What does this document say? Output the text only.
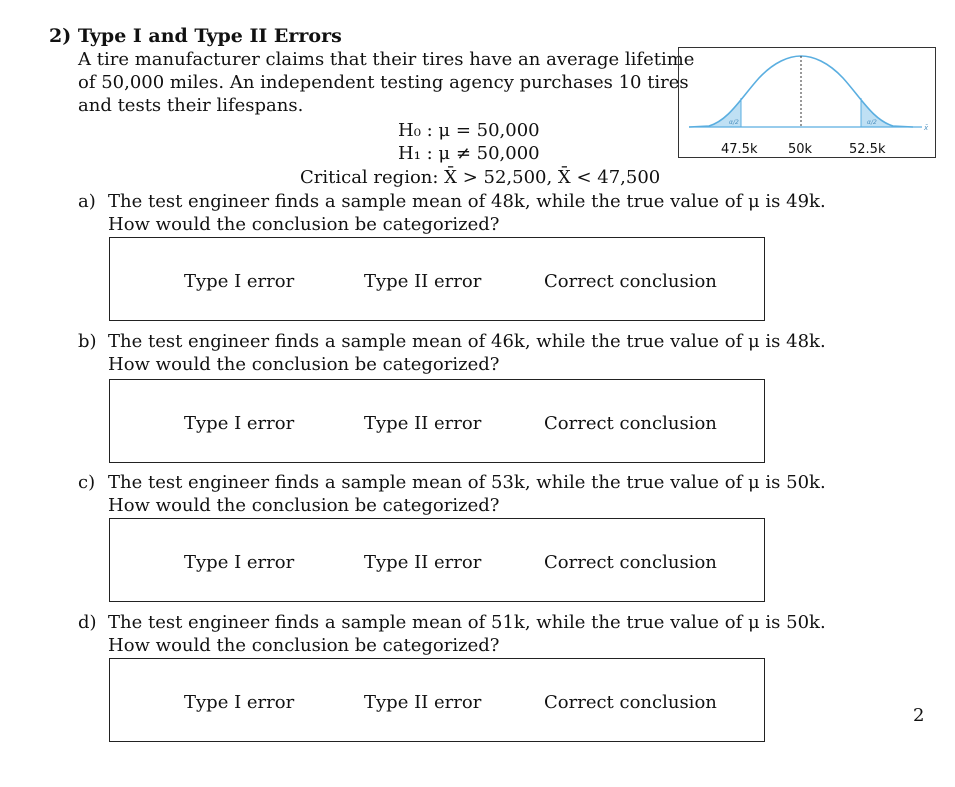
2) Type I and Type II Errors
A tire manufacturer claims that their tires have an average lifetime
of 50,000 miles. An independent testing agency purchases 10 tires
and tests their lifespans.
H₀ : μ = 50,000
H₁ : μ ≠ 50,000
Critical region: X̄ > 52,500, X̄ < 47,500
α/2	α/2
x̄
47.5k 50k	52.5k
a) The test engineer finds a sample mean of 48k, while the true value of μ is 49k.
How would the conclusion be categorized?
Type I error	Type II error	Correct conclusion
b) The test engineer finds a sample mean of 46k, while the true value of μ is 48k.
How would the conclusion be categorized?
Type I error	Type II error	Correct conclusion
c) The test engineer finds a sample mean of 53k, while the true value of μ is 50k.
How would the conclusion be categorized?
Type I error	Type II error	Correct conclusion
d) The test engineer finds a sample mean of 51k, while the true value of μ is 50k.
How would the conclusion be categorized?
Type I error	Type II error	Correct conclusion
2
